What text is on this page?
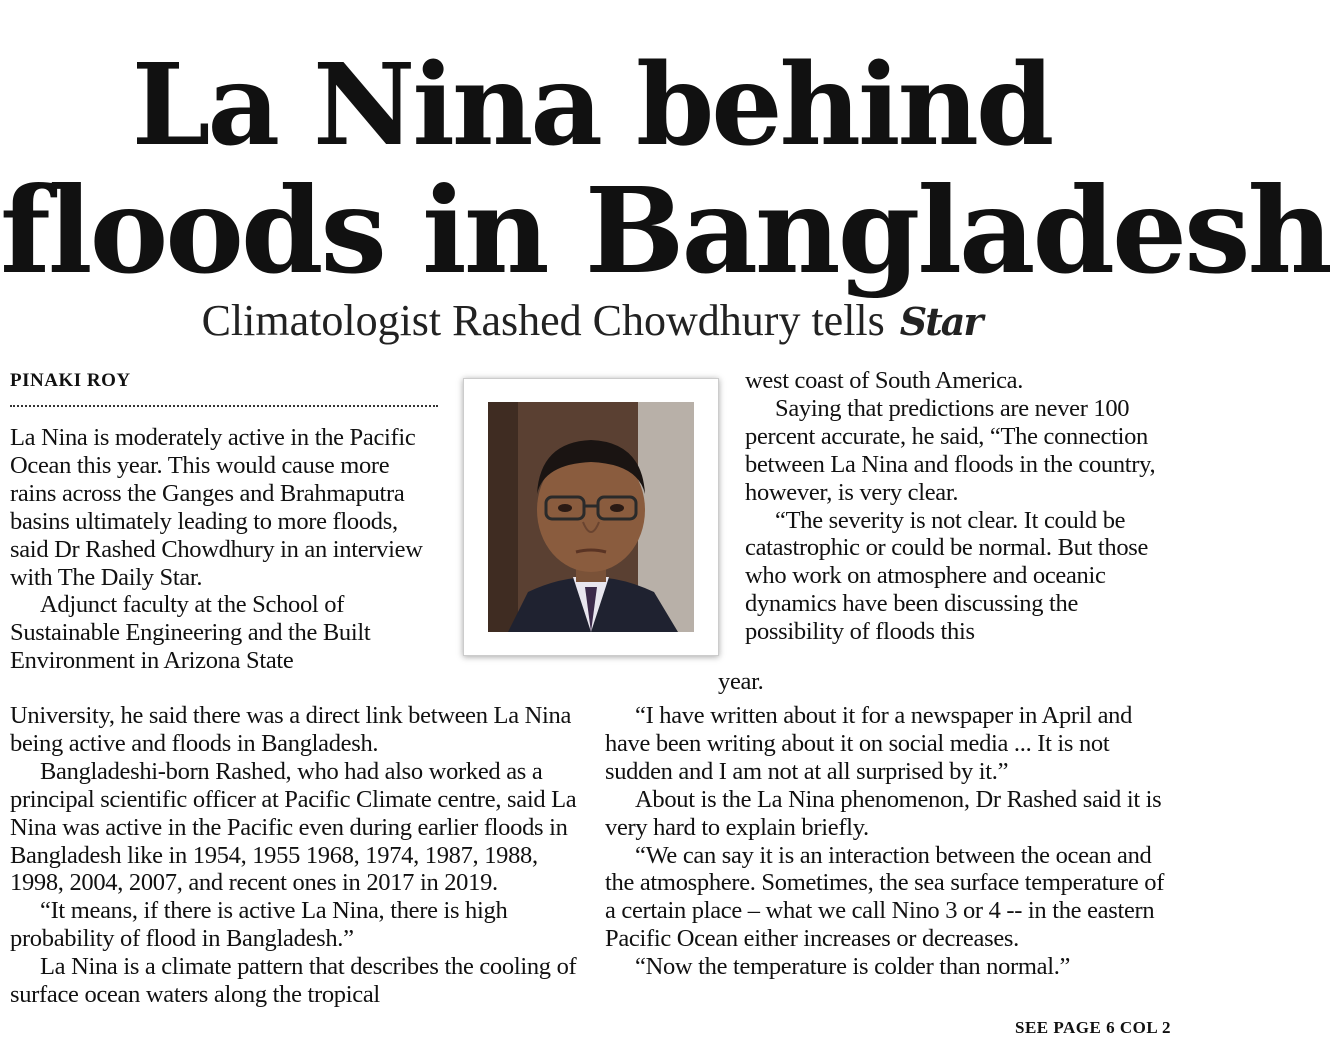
La Nina behind
floods in Bangladesh
Climatologist Rashed Chowdhury tells Star
PINAKI ROY

La Nina is moderately active in the Pacific Ocean this year. This would cause more rains across the Ganges and Brahmaputra basins ultimately leading to more floods, said Dr Rashed Chowdhury in an interview with The Daily Star.

Adjunct faculty at the School of Sustainable Engineering and the Built Environment in Arizona State

University, he said there was a direct link between La Nina being active and floods in Bangladesh.

Bangladeshi-born Rashed, who had also worked as a principal scientific officer at Pacific Climate centre, said La Nina was active in the Pacific even during earlier floods in Bangladesh like in 1954, 1955 1968, 1974, 1987, 1988, 1998, 2004, 2007, and recent ones in 2017 in 2019.

“It means, if there is active La Nina, there is high probability of flood in Bangladesh.”

La Nina is a climate pattern that describes the cooling of surface ocean waters along the tropical

west coast of South America.

Saying that predictions are never 100 percent accurate, he said, “The connection between La Nina and floods in the country, however, is very clear.

“The severity is not clear. It could be catastrophic or could be normal. But those who work on atmosphere and oceanic dynamics have been discussing the possibility of floods this

year.

“I have written about it for a newspaper in April and have been writing about it on social media ... It is not sudden and I am not at all surprised by it.”

About is the La Nina phenomenon, Dr Rashed said it is very hard to explain briefly.

“We can say it is an interaction between the ocean and the atmosphere. Sometimes, the sea surface temperature of a certain place – what we call Nino 3 or 4 -- in the eastern Pacific Ocean either increases or decreases.

“Now the temperature is colder than normal.”

SEE PAGE 6 COL 2
